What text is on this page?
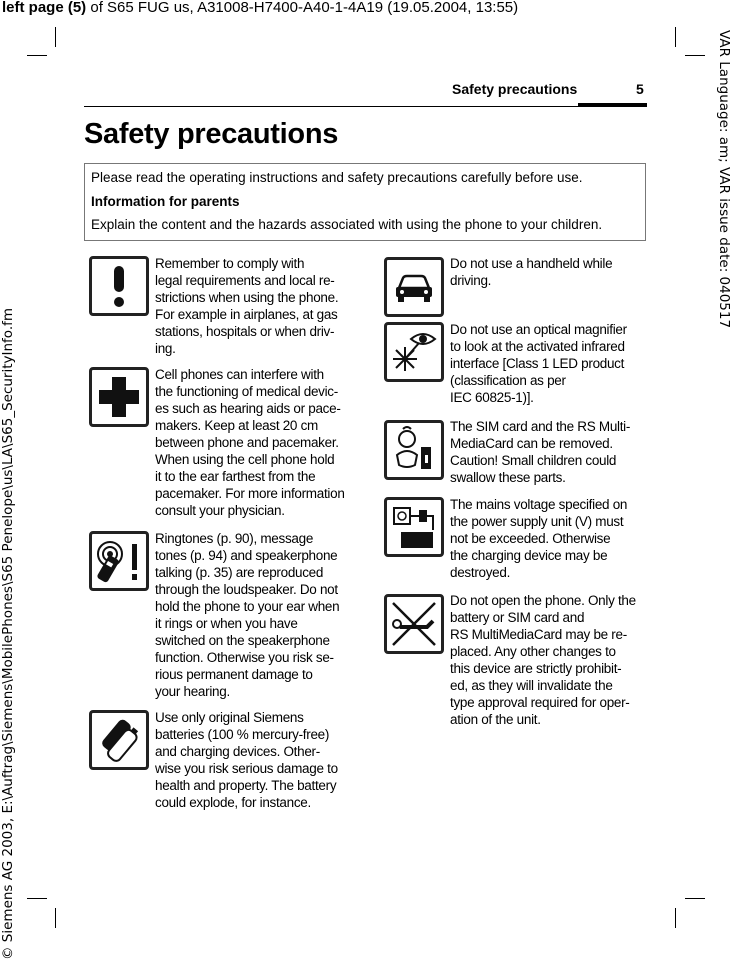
left page (5) of S65 FUG us, A31008-H7400-A40-1-4A19 (19.05.2004, 13:55)
VAR Language: am; VAR issue date: 040517
© Siemens AG 2003, E:\Auftrag\Siemens\MobilePhones\S65 Penelope\us\LA\S65_SecurityInfo.fm
Safety precautions	5
Safety precautions
Please read the operating instructions and safety precautions carefully before use.
Information for parents
Explain the content and the hazards associated with using the phone to your children.
Remember to comply with
legal requirements and local re-
strictions when using the phone.
For example in airplanes, at gas
stations, hospitals or when driv-
ing.
Cell phones can interfere with
the functioning of medical devic-
es such as hearing aids or pace-
makers. Keep at least 20 cm
between phone and pacemaker.
When using the cell phone hold
it to the ear farthest from the
pacemaker. For more information
consult your physician.
Ringtones (p. 90), message
tones (p. 94) and speakerphone
talking (p. 35) are reproduced
through the loudspeaker. Do not
hold the phone to your ear when
it rings or when you have
switched on the speakerphone
function. Otherwise you risk se-
rious permanent damage to
your hearing.
Use only original Siemens
batteries (100 % mercury-free)
and charging devices. Other-
wise you risk serious damage to
health and property. The battery
could explode, for instance.
Do not use a handheld while
driving.
Do not use an optical magnifier
to look at the activated infrared
interface [Class 1 LED product
(classification as per
IEC 60825-1)].
The SIM card and the RS Multi-
MediaCard can be removed.
Caution! Small children could
swallow these parts.
The mains voltage specified on
the power supply unit (V) must
not be exceeded. Otherwise
the charging device may be
destroyed.
Do not open the phone. Only the
battery or SIM card and
RS MultiMediaCard may be re-
placed. Any other changes to
this device are strictly prohibit-
ed, as they will invalidate the
type approval required for oper-
ation of the unit.
